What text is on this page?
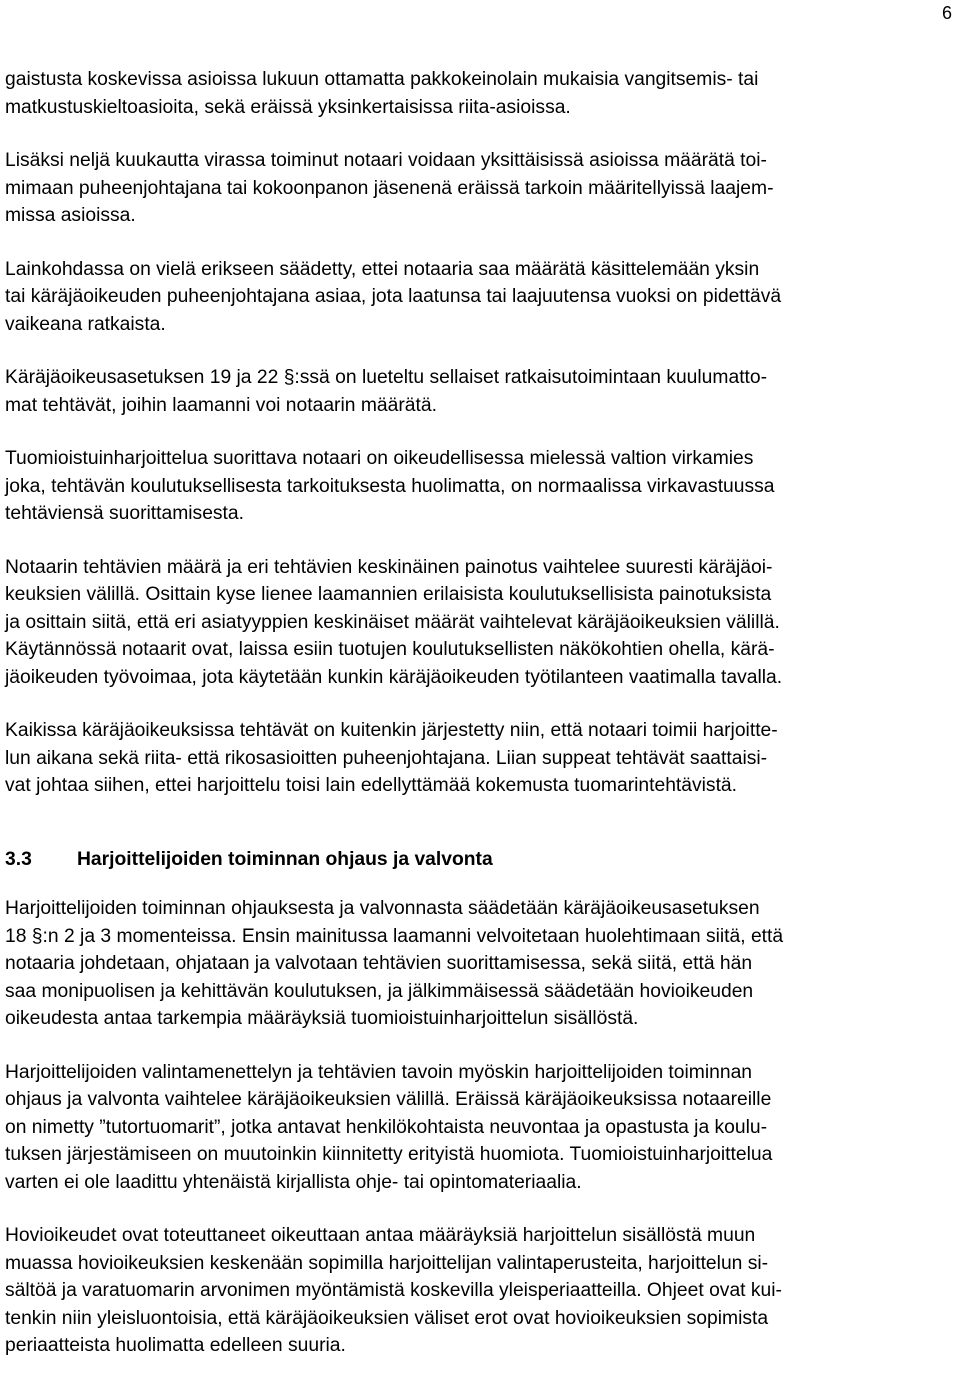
6

gaistusta koskevissa asioissa lukuun ottamatta pakkokeinolain mukaisia vangitsemis- tai
matkustuskieltoasioita, sekä eräissä yksinkertaisissa riita-asioissa.

Lisäksi neljä kuukautta virassa toiminut notaari voidaan yksittäisissä asioissa määrätä toi-
mimaan puheenjohtajana tai kokoonpanon jäsenenä eräissä tarkoin määritellyissä laajem-
missa asioissa.

Lainkohdassa on vielä erikseen säädetty, ettei notaaria saa määrätä käsittelemään yksin
tai käräjäoikeuden puheenjohtajana asiaa, jota laatunsa tai laajuutensa vuoksi on pidettävä
vaikeana ratkaista.

Käräjäoikeusasetuksen 19 ja 22 §:ssä on lueteltu sellaiset ratkaisutoimintaan kuulumatto-
mat tehtävät, joihin laamanni voi notaarin määrätä.

Tuomioistuinharjoittelua suorittava notaari on oikeudellisessa mielessä valtion virkamies
joka, tehtävän koulutuksellisesta tarkoituksesta huolimatta, on normaalissa virkavastuussa
tehtäviensä suorittamisesta.

Notaarin tehtävien määrä ja eri tehtävien keskinäinen painotus vaihtelee suuresti käräjäoi-
keuksien välillä. Osittain kyse lienee laamannien erilaisista koulutuksellisista painotuksista
ja osittain siitä, että eri asiatyyppien keskinäiset määrät vaihtelevat käräjäoikeuksien välillä.
Käytännössä notaarit ovat, laissa esiin tuotujen koulutuksellisten näkökohtien ohella, kärä-
jäoikeuden työvoimaa, jota käytetään kunkin käräjäoikeuden työtilanteen vaatimalla tavalla.

Kaikissa käräjäoikeuksissa tehtävät on kuitenkin järjestetty niin, että notaari toimii harjoitte-
lun aikana sekä riita- että rikosasioitten puheenjohtajana. Liian suppeat tehtävät saattaisi-
vat johtaa siihen, ettei harjoittelu toisi lain edellyttämää kokemusta tuomarintehtävistä.

3.3 Harjoittelijoiden toiminnan ohjaus ja valvonta

Harjoittelijoiden toiminnan ohjauksesta ja valvonnasta säädetään käräjäoikeusasetuksen
18 §:n 2 ja 3 momenteissa. Ensin mainitussa laamanni velvoitetaan huolehtimaan siitä, että
notaaria johdetaan, ohjataan ja valvotaan tehtävien suorittamisessa, sekä siitä, että hän
saa monipuolisen ja kehittävän koulutuksen, ja jälkimmäisessä säädetään hovioikeuden
oikeudesta antaa tarkempia määräyksiä tuomioistuinharjoittelun sisällöstä.

Harjoittelijoiden valintamenettelyn ja tehtävien tavoin myöskin harjoittelijoiden toiminnan
ohjaus ja valvonta vaihtelee käräjäoikeuksien välillä. Eräissä käräjäoikeuksissa notaareille
on nimetty ”tutortuomarit”, jotka antavat henkilökohtaista neuvontaa ja opastusta ja koulu-
tuksen järjestämiseen on muutoinkin kiinnitetty erityistä huomiota. Tuomioistuinharjoittelua
varten ei ole laadittu yhtenäistä kirjallista ohje- tai opintomateriaalia.

Hovioikeudet ovat toteuttaneet oikeuttaan antaa määräyksiä harjoittelun sisällöstä muun
muassa hovioikeuksien keskenään sopimilla harjoittelijan valintaperusteita, harjoittelun si-
sältöä ja varatuomarin arvonimen myöntämistä koskevilla yleisperiaatteilla. Ohjeet ovat kui-
tenkin niin yleisluontoisia, että käräjäoikeuksien väliset erot ovat hovioikeuksien sopimista
periaatteista huolimatta edelleen suuria.
